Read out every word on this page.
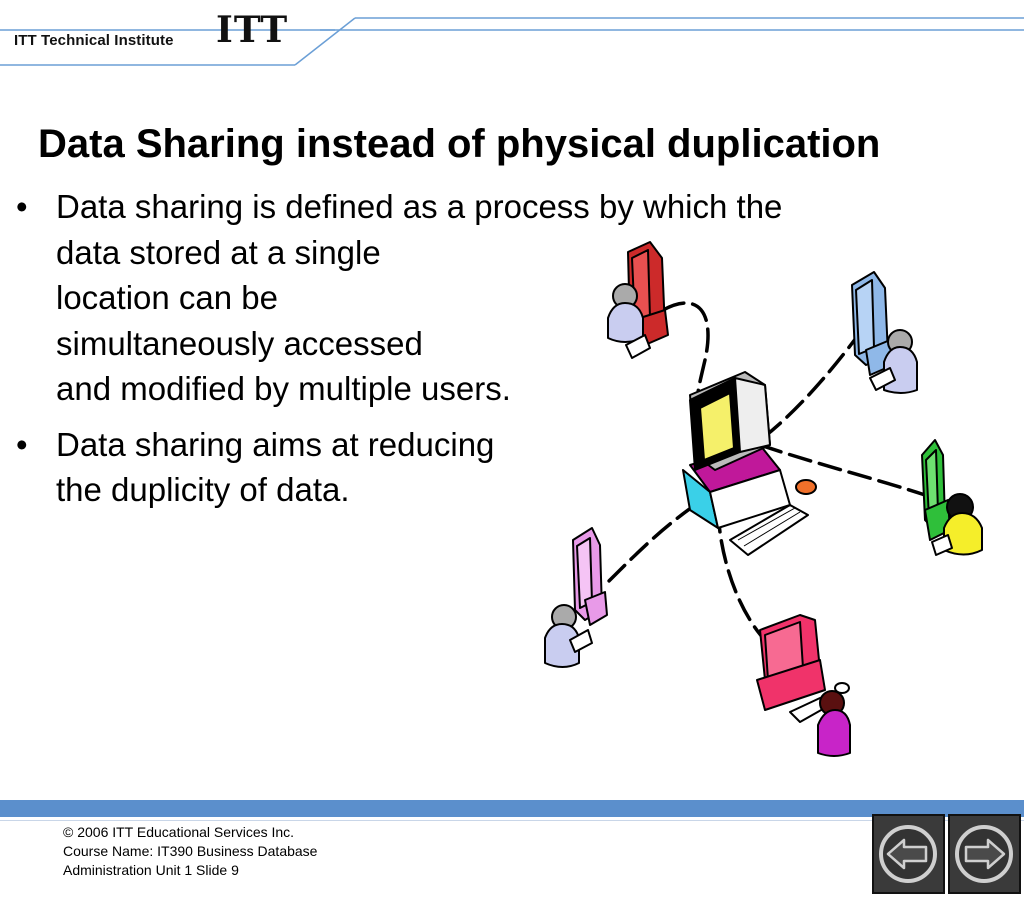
ITT Technical Institute ITT
Data Sharing instead of physical duplication
• Data sharing is defined as a process by which the
data stored at a single
location can be
simultaneously accessed
and modified by multiple users.
• Data sharing aims at reducing
the duplicity of data.
© 2006 ITT Educational Services Inc.
Course Name: IT390 Business Database
Administration Unit 1 Slide 9
